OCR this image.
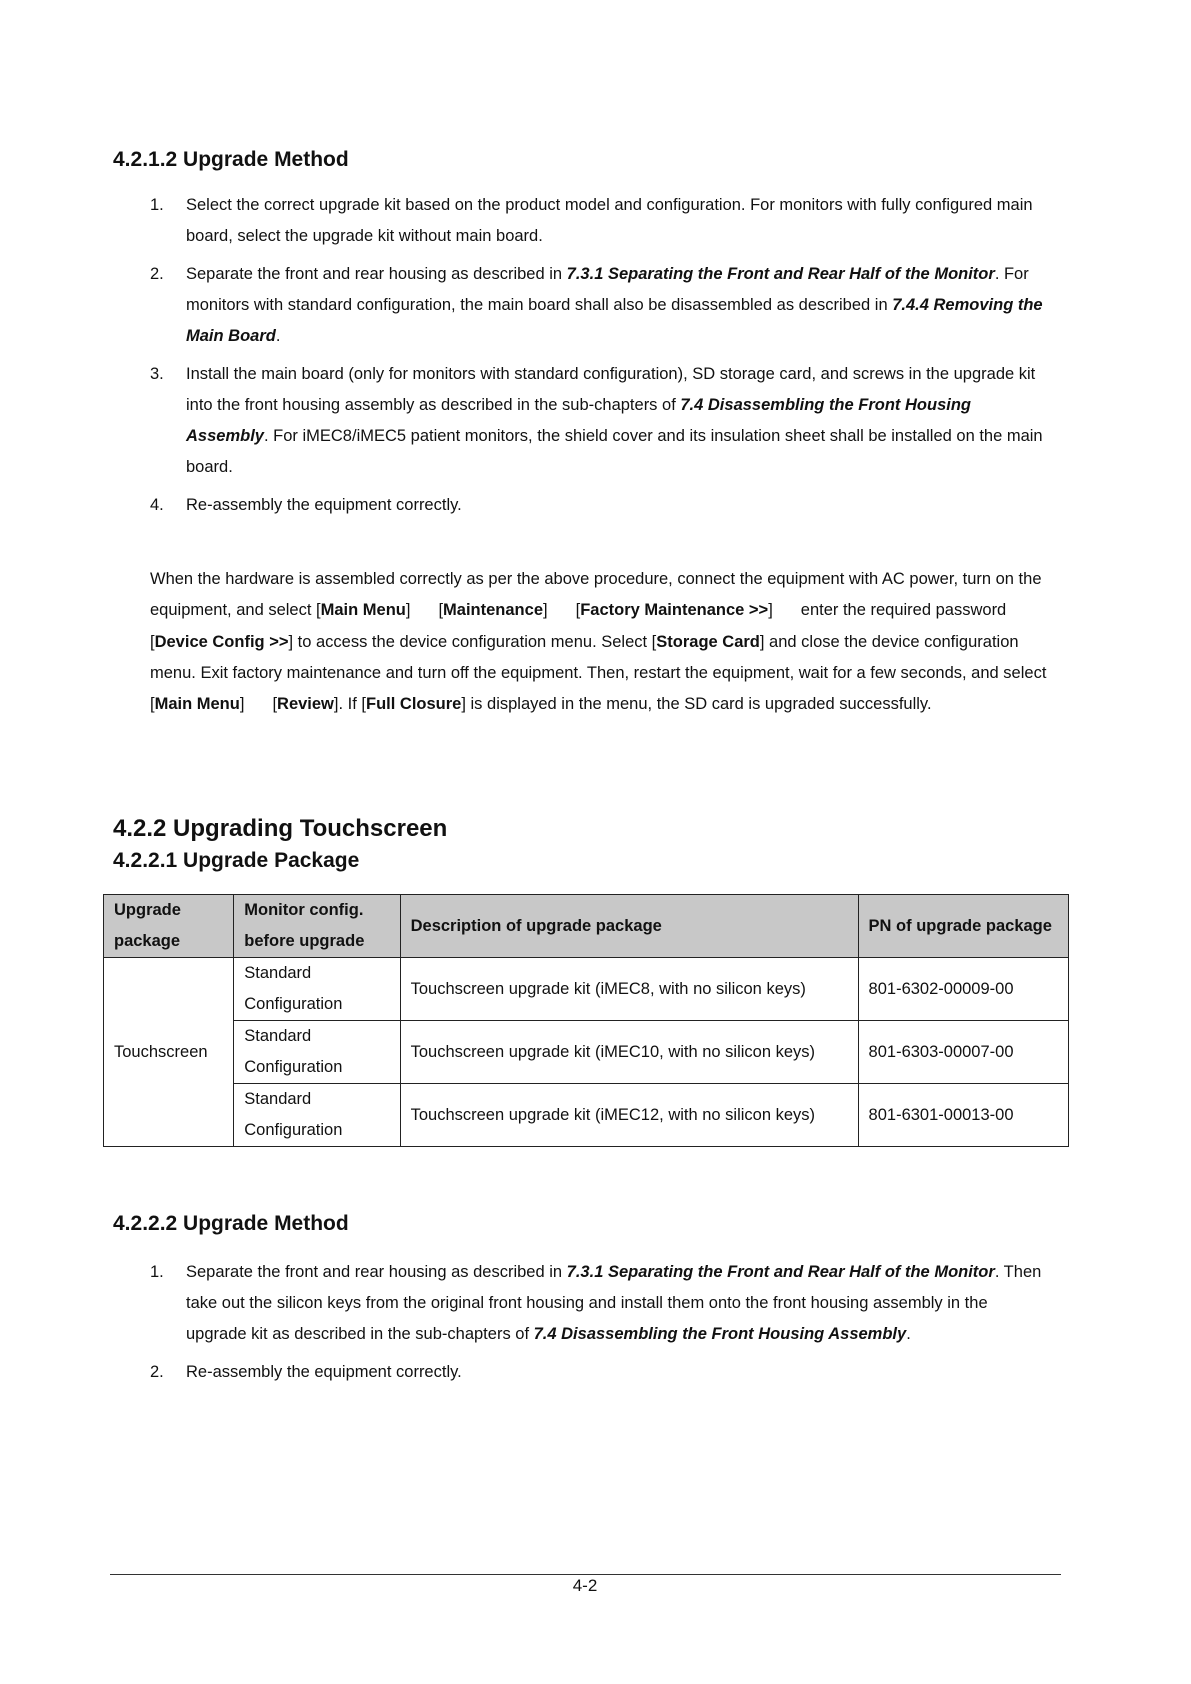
4.2.1.2 Upgrade Method
1. Select the correct upgrade kit based on the product model and configuration. For monitors with fully configured main board, select the upgrade kit without main board.
2. Separate the front and rear housing as described in 7.3.1 Separating the Front and Rear Half of the Monitor. For monitors with standard configuration, the main board shall also be disassembled as described in 7.4.4 Removing the Main Board.
3. Install the main board (only for monitors with standard configuration), SD storage card, and screws in the upgrade kit into the front housing assembly as described in the sub-chapters of 7.4 Disassembling the Front Housing Assembly. For iMEC8/iMEC5 patient monitors, the shield cover and its insulation sheet shall be installed on the main board.
4. Re-assembly the equipment correctly.
When the hardware is assembled correctly as per the above procedure, connect the equipment with AC power, turn on the equipment, and select [Main Menu] [Maintenance] [Factory Maintenance >>] enter the required password[Device Config >>] to access the device configuration menu. Select [Storage Card] and close the device configuration menu. Exit factory maintenance and turn off the equipment. Then, restart the equipment, wait for a few seconds, and select [Main Menu] [Review]. If [Full Closure] is displayed in the menu, the SD card is upgraded successfully.
4.2.2 Upgrading Touchscreen
4.2.2.1 Upgrade Package
Upgrade package	Monitor config. before upgrade	Description of upgrade package	PN of upgrade package
Touchscreen	Standard Configuration	Touchscreen upgrade kit (iMEC8, with no silicon keys)	801-6302-00009-00
	Standard Configuration	Touchscreen upgrade kit (iMEC10, with no silicon keys)	801-6303-00007-00
	Standard Configuration	Touchscreen upgrade kit (iMEC12, with no silicon keys)	801-6301-00013-00
4.2.2.2 Upgrade Method
1. Separate the front and rear housing as described in 7.3.1 Separating the Front and Rear Half of the Monitor. Then take out the silicon keys from the original front housing and install them onto the front housing assembly in the upgrade kit as described in the sub-chapters of 7.4 Disassembling the Front Housing Assembly.
2. Re-assembly the equipment correctly.
4-2
